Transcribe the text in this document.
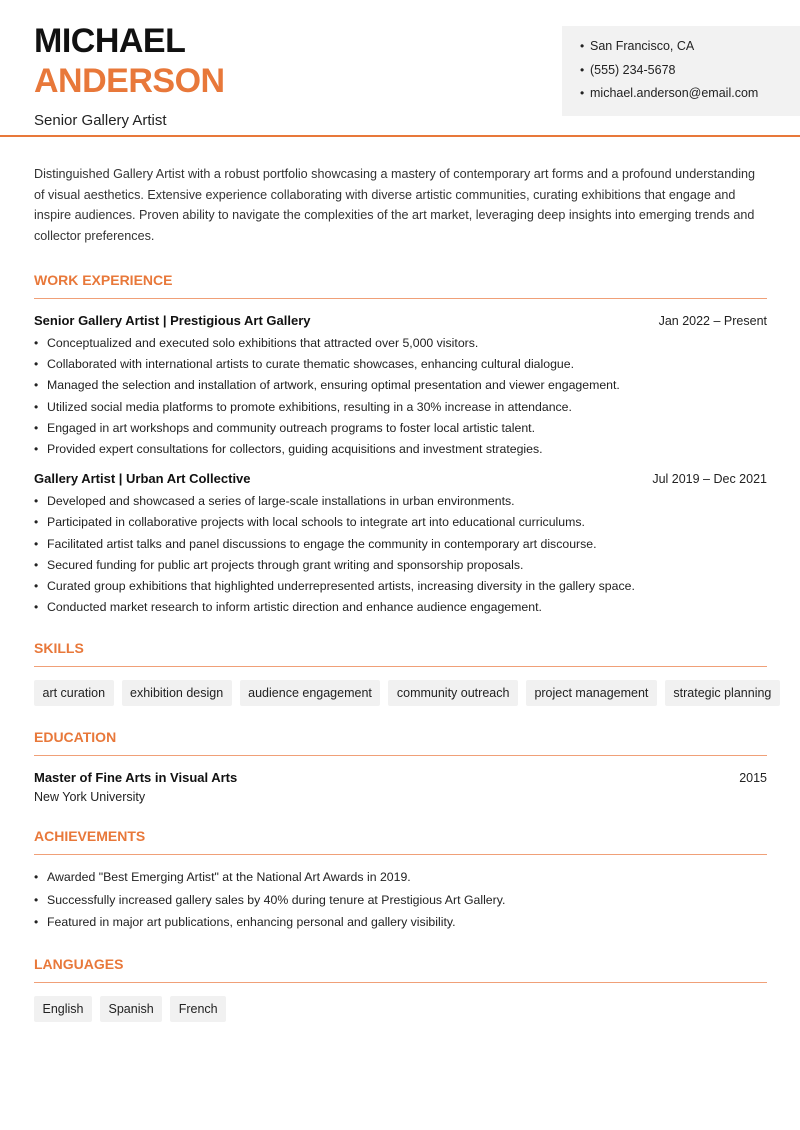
MICHAEL
ANDERSON
Senior Gallery Artist
• San Francisco, CA
• (555) 234-5678
• michael.anderson@email.com

Distinguished Gallery Artist with a robust portfolio showcasing a mastery of contemporary art forms and a profound understanding of visual aesthetics. Extensive experience collaborating with diverse artistic communities, curating exhibitions that engage and inspire audiences. Proven ability to navigate the complexities of the art market, leveraging deep insights into emerging trends and collector preferences.

WORK EXPERIENCE
Senior Gallery Artist | Prestigious Art Gallery	Jan 2022 – Present
• Conceptualized and executed solo exhibitions that attracted over 5,000 visitors.
• Collaborated with international artists to curate thematic showcases, enhancing cultural dialogue.
• Managed the selection and installation of artwork, ensuring optimal presentation and viewer engagement.
• Utilized social media platforms to promote exhibitions, resulting in a 30% increase in attendance.
• Engaged in art workshops and community outreach programs to foster local artistic talent.
• Provided expert consultations for collectors, guiding acquisitions and investment strategies.
Gallery Artist | Urban Art Collective	Jul 2019 – Dec 2021
• Developed and showcased a series of large-scale installations in urban environments.
• Participated in collaborative projects with local schools to integrate art into educational curriculums.
• Facilitated artist talks and panel discussions to engage the community in contemporary art discourse.
• Secured funding for public art projects through grant writing and sponsorship proposals.
• Curated group exhibitions that highlighted underrepresented artists, increasing diversity in the gallery space.
• Conducted market research to inform artistic direction and enhance audience engagement.
SKILLS
art curation	exhibition design	audience engagement	community outreach	project management	strategic planning
EDUCATION
Master of Fine Arts in Visual Arts	2015
New York University
ACHIEVEMENTS
• Awarded "Best Emerging Artist" at the National Art Awards in 2019.
• Successfully increased gallery sales by 40% during tenure at Prestigious Art Gallery.
• Featured in major art publications, enhancing personal and gallery visibility.
LANGUAGES
English	Spanish	French
